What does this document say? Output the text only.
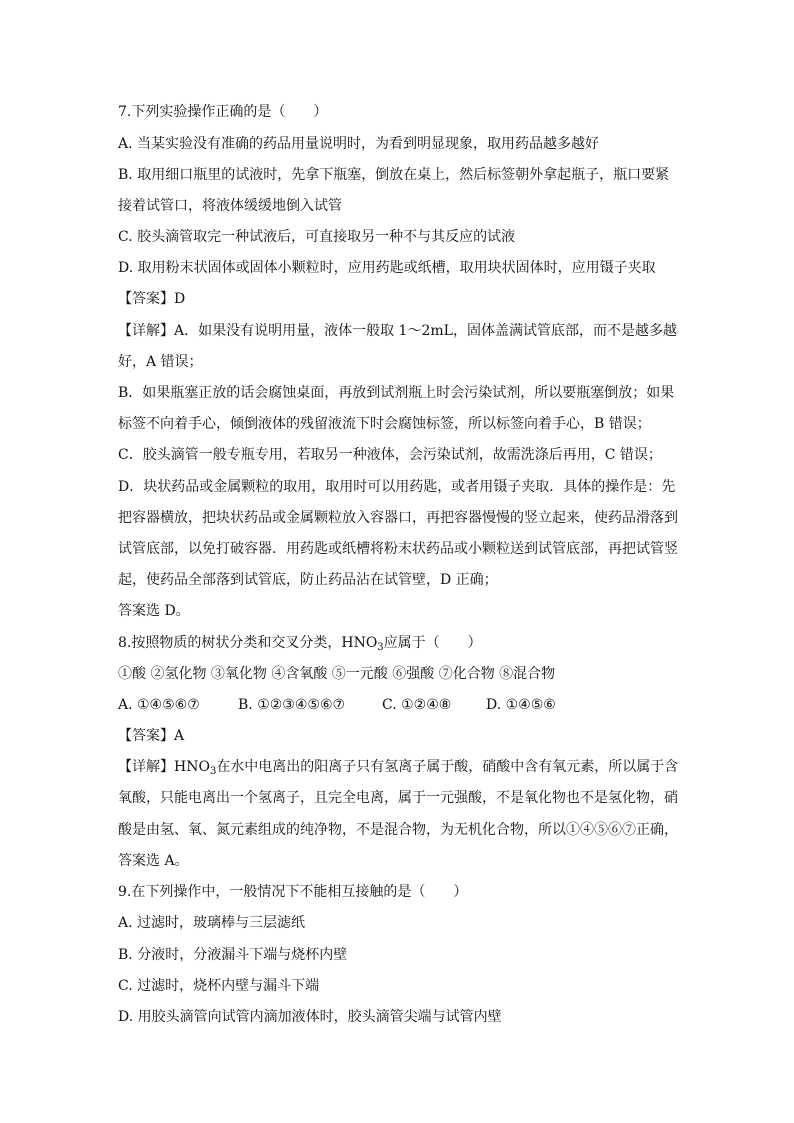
7.下列实验操作正确的是（　　）
A. 当某实验没有准确的药品用量说明时，为看到明显现象，取用药品越多越好
B. 取用细口瓶里的试液时，先拿下瓶塞，倒放在桌上，然后标签朝外拿起瓶子，瓶口要紧
接着试管口，将液体缓缓地倒入试管
C. 胶头滴管取完一种试液后，可直接取另一种不与其反应的试液
D. 取用粉末状固体或固体小颗粒时，应用药匙或纸槽，取用块状固体时，应用镊子夹取
【答案】D
【详解】A．如果没有说明用量，液体一般取 1～2mL，固体盖满试管底部，而不是越多越
好，A 错误；
B．如果瓶塞正放的话会腐蚀桌面，再放到试剂瓶上时会污染试剂，所以要瓶塞倒放；如果
标签不向着手心，倾倒液体的残留液流下时会腐蚀标签，所以标签向着手心，B 错误；
C．胶头滴管一般专瓶专用，若取另一种液体，会污染试剂，故需洗涤后再用，C 错误；
D．块状药品或金属颗粒的取用，取用时可以用药匙，或者用镊子夹取．具体的操作是：先
把容器横放，把块状药品或金属颗粒放入容器口，再把容器慢慢的竖立起来，使药品滑落到
试管底部，以免打破容器．用药匙或纸槽将粉末状药品或小颗粒送到试管底部，再把试管竖
起，使药品全部落到试管底，防止药品沾在试管壁，D 正确；
答案选 D。
8.按照物质的树状分类和交叉分类，$HNO_3$应属于（　　）
①酸 ②氢化物 ③氧化物 ④含氧酸 ⑤一元酸 ⑥强酸 ⑦化合物 ⑧混合物
A. ①④⑤⑥⑦	B. ①②③④⑤⑥⑦	C. ①②④⑧ D. ①④⑤⑥
【答案】A
【详解】$HNO_3$在水中电离出的阳离子只有氢离子属于酸，硝酸中含有氧元素，所以属于含
氧酸，只能电离出一个氢离子，且完全电离，属于一元强酸，不是氧化物也不是氢化物，硝
酸是由氢、氧、氮元素组成的纯净物，不是混合物，为无机化合物，所以①④⑤⑥⑦正确，
答案选 A。
9.在下列操作中，一般情况下不能相互接触的是（　　）
A. 过滤时，玻璃棒与三层滤纸
B. 分液时，分液漏斗下端与烧杯内壁
C. 过滤时，烧杯内壁与漏斗下端
D. 用胶头滴管向试管内滴加液体时，胶头滴管尖端与试管内壁
